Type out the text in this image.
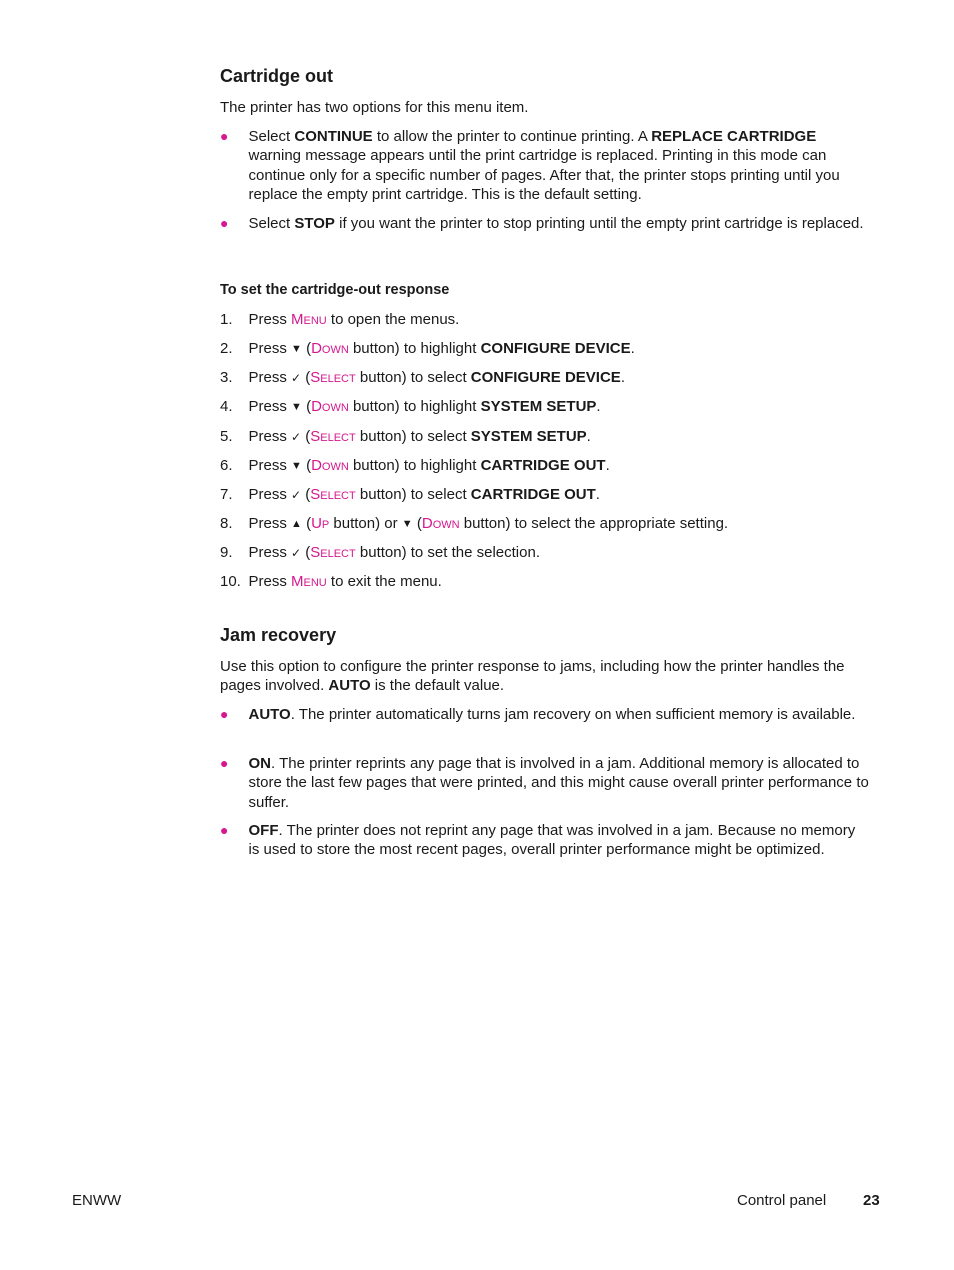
Cartridge out

The printer has two options for this menu item.

● Select CONTINUE to allow the printer to continue printing. A REPLACE CARTRIDGE warning message appears until the print cartridge is replaced. Printing in this mode can continue only for a specific number of pages. After that, the printer stops printing until you replace the empty print cartridge. This is the default setting.
● Select STOP if you want the printer to stop printing until the empty print cartridge is replaced.
To set the cartridge-out response
1. Press Menu to open the menus.
2. Press ▼ (Down button) to highlight CONFIGURE DEVICE.
3. Press ✓ (Select button) to select CONFIGURE DEVICE.
4. Press ▼ (Down button) to highlight SYSTEM SETUP.
5. Press ✓ (Select button) to select SYSTEM SETUP.
6. Press ▼ (Down button) to highlight CARTRIDGE OUT.
7. Press ✓ (Select button) to select CARTRIDGE OUT.
8. Press ▲ (Up button) or ▼ (Down button) to select the appropriate setting.
9. Press ✓ (Select button) to set the selection.
10. Press Menu to exit the menu.
Jam recovery

Use this option to configure the printer response to jams, including how the printer handles the pages involved. AUTO is the default value.

● AUTO. The printer automatically turns jam recovery on when sufficient memory is available.
● ON. The printer reprints any page that is involved in a jam. Additional memory is allocated to store the last few pages that were printed, and this might cause overall printer performance to suffer.
● OFF. The printer does not reprint any page that was involved in a jam. Because no memory is used to store the most recent pages, overall printer performance might be optimized.
ENWW	Control panel 23
